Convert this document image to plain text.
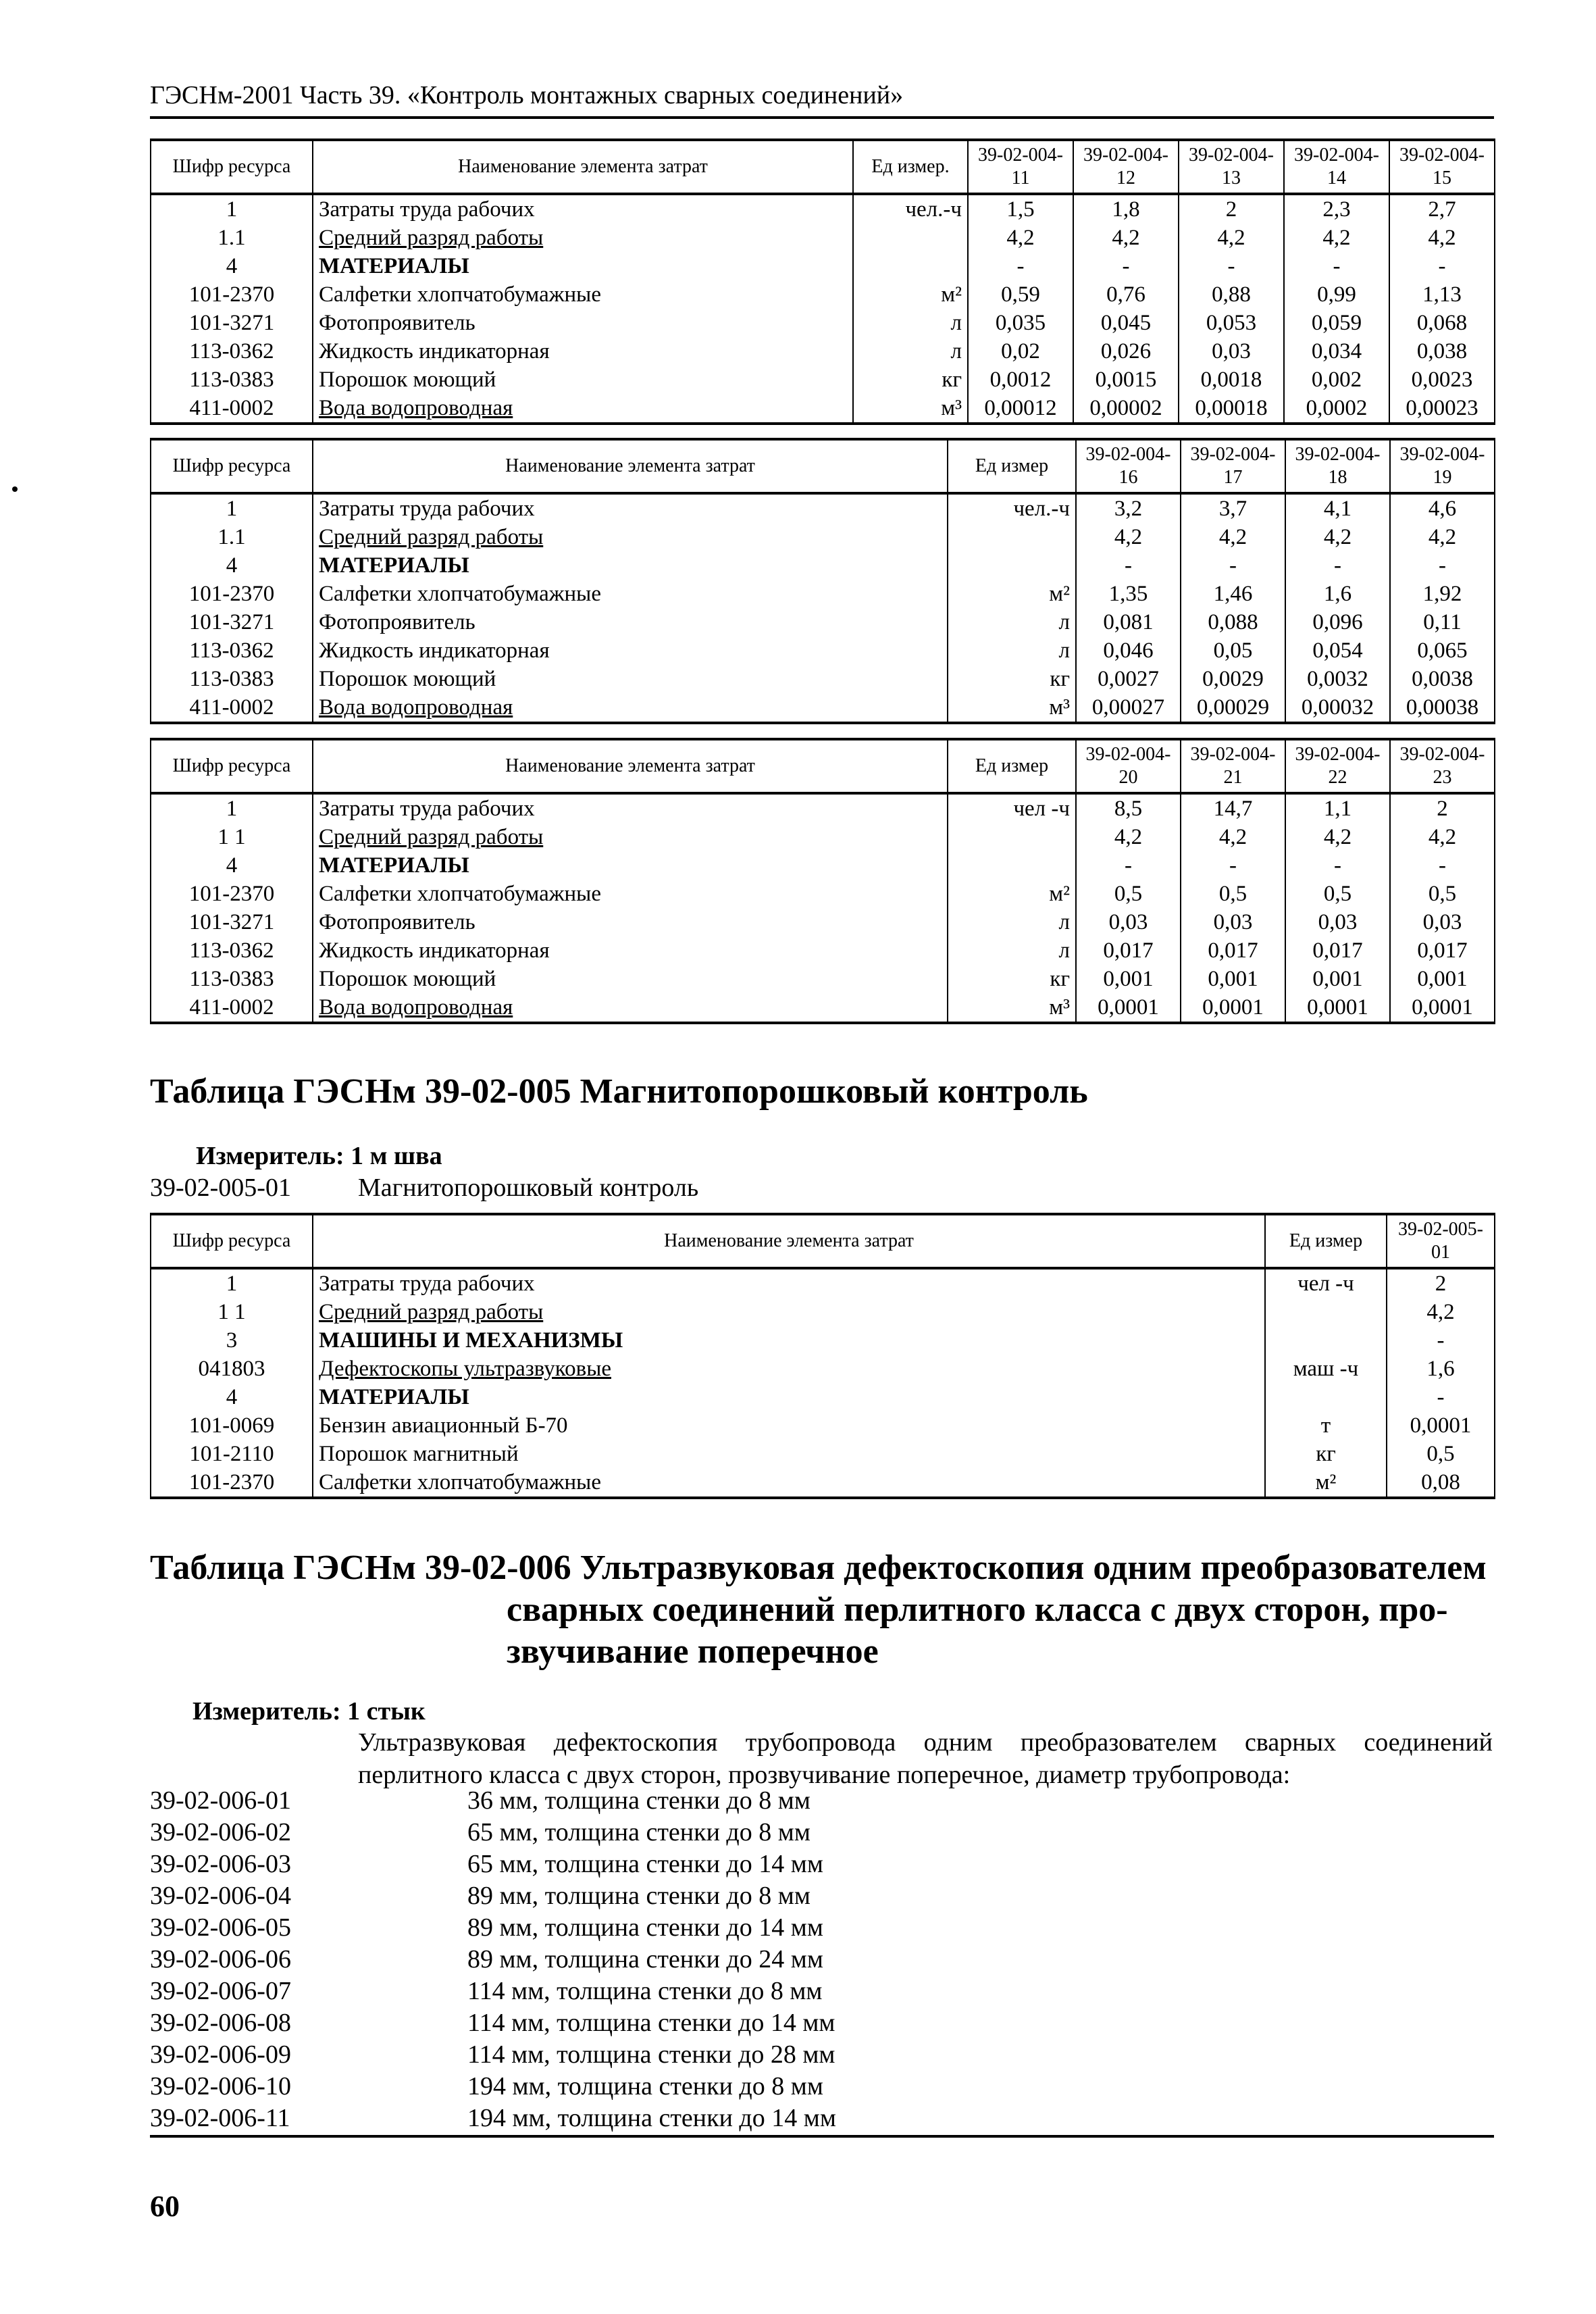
ГЭСНм-2001 Часть 39. «Контроль монтажных сварных соединений»
Шифр ресурса	Наименование элемента затрат	Ед измер.	39-02-004-11	39-02-004-12	39-02-004-13	39-02-004-14	39-02-004-15
1	Затраты труда рабочих	чел.-ч	1,5	1,8	2	2,3	2,7
1.1	Средний разряд работы		4,2	4,2	4,2	4,2	4,2
4	МАТЕРИАЛЫ		-	-	-	-	-
101-2370	Салфетки хлопчатобумажные	м²	0,59	0,76	0,88	0,99	1,13
101-3271	Фотопроявитель	л	0,035	0,045	0,053	0,059	0,068
113-0362	Жидкость индикаторная	л	0,02	0,026	0,03	0,034	0,038
113-0383	Порошок моющий	кг	0,0012	0,0015	0,0018	0,002	0,0023
411-0002	Вода водопроводная	м³	0,00012	0,00002	0,00018	0,0002	0,00023
Шифр ресурса	Наименование элемента затрат	Ед измер	39-02-004-16	39-02-004-17	39-02-004-18	39-02-004-19
1	Затраты труда рабочих	чел.-ч	3,2	3,7	4,1	4,6
1.1	Средний разряд работы		4,2	4,2	4,2	4,2
4	МАТЕРИАЛЫ		-	-	-	-
101-2370	Салфетки хлопчатобумажные	м²	1,35	1,46	1,6	1,92
101-3271	Фотопроявитель	л	0,081	0,088	0,096	0,11
113-0362	Жидкость индикаторная	л	0,046	0,05	0,054	0,065
113-0383	Порошок моющий	кг	0,0027	0,0029	0,0032	0,0038
411-0002	Вода водопроводная	м³	0,00027	0,00029	0,00032	0,00038
Шифр ресурса	Наименование элемента затрат	Ед измер	39-02-004-20	39-02-004-21	39-02-004-22	39-02-004-23
1	Затраты труда рабочих	чел -ч	8,5	14,7	1,1	2
1 1	Средний разряд работы		4,2	4,2	4,2	4,2
4	МАТЕРИАЛЫ		-	-	-	-
101-2370	Салфетки хлопчатобумажные	м²	0,5	0,5	0,5	0,5
101-3271	Фотопроявитель	л	0,03	0,03	0,03	0,03
113-0362	Жидкость индикаторная	л	0,017	0,017	0,017	0,017
113-0383	Порошок моющий	кг	0,001	0,001	0,001	0,001
411-0002	Вода водопроводная	м³	0,0001	0,0001	0,0001	0,0001
Таблица ГЭСНм 39-02-005 Магнитопорошковый контроль
Измеритель: 1 м шва
39-02-005-01	Магнитопорошковый контроль
Шифр ресурса	Наименование элемента затрат	Ед измер	39-02-005-01
1	Затраты труда рабочих	чел -ч	2
1 1	Средний разряд работы		4,2
3	МАШИНЫ И МЕХАНИЗМЫ		-
041803	Дефектоскопы ультразвуковые	маш -ч	1,6
4	МАТЕРИАЛЫ		-
101-0069	Бензин авиационный Б-70	т	0,0001
101-2110	Порошок магнитный	кг	0,5
101-2370	Салфетки хлопчатобумажные	м²	0,08
Таблица ГЭСНм 39-02-006 Ультразвуковая дефектоскопия одним преобразователем
сварных соединений перлитного класса с двух сторон, про-
звучивание поперечное
Измеритель: 1 стык
Ультразвуковая дефектоскопия трубопровода одним преобразователем сварных соединений перлитного класса с двух сторон, прозвучивание поперечное, диаметр трубопровода:
39-02-006-01	36 мм, толщина стенки до 8 мм
39-02-006-02	65 мм, толщина стенки до 8 мм
39-02-006-03	65 мм, толщина стенки до 14 мм
39-02-006-04	89 мм, толщина стенки до 8 мм
39-02-006-05	89 мм, толщина стенки до 14 мм
39-02-006-06	89 мм, толщина стенки до 24 мм
39-02-006-07	114 мм, толщина стенки до 8 мм
39-02-006-08	114 мм, толщина стенки до 14 мм
39-02-006-09	114 мм, толщина стенки до 28 мм
39-02-006-10	194 мм, толщина стенки до 8 мм
39-02-006-11	194 мм, толщина стенки до 14 мм
60
